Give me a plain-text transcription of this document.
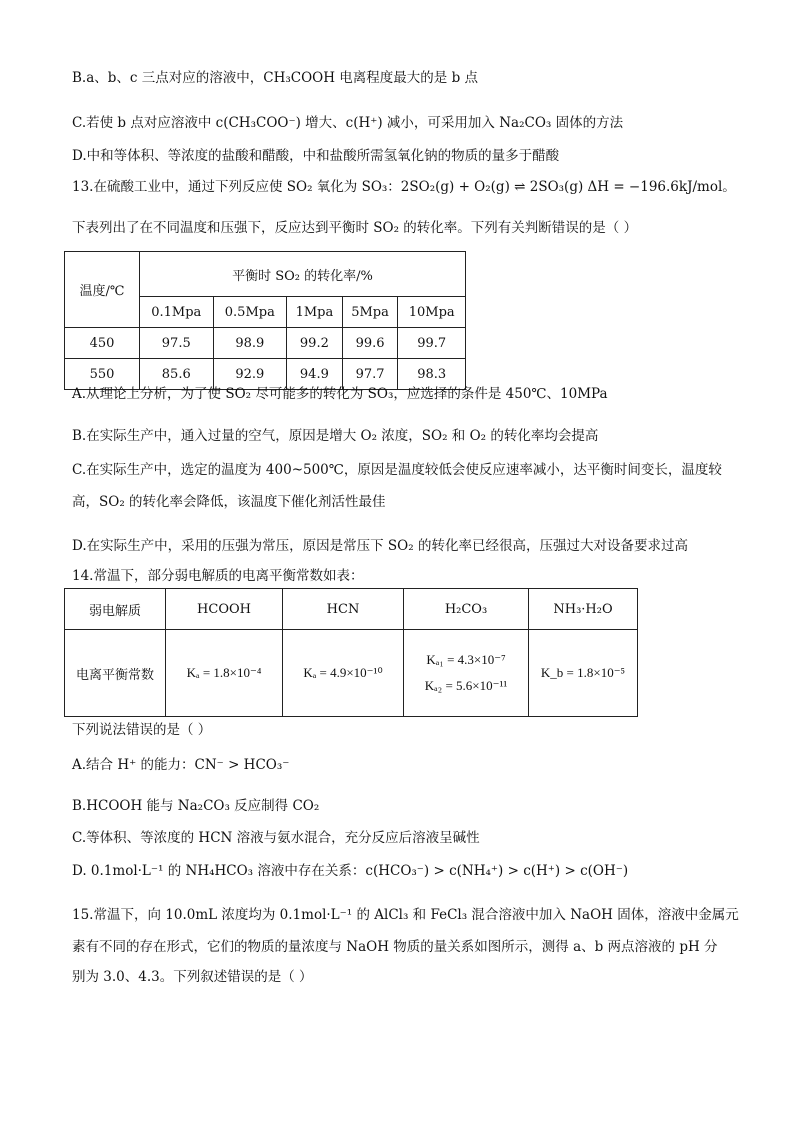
B.a、b、c 三点对应的溶液中，CH₃COOH 电离程度最大的是 b 点
C.若使 b 点对应溶液中 c(CH₃COO⁻) 增大、c(H⁺) 减小，可采用加入 Na₂CO₃ 固体的方法
D.中和等体积、等浓度的盐酸和醋酸，中和盐酸所需氢氧化钠的物质的量多于醋酸
13.在硫酸工业中，通过下列反应使 SO₂ 氧化为 SO₃：2SO₂(g) + O₂(g) ⇌ 2SO₃(g) ΔH = −196.6kJ/mol。
下表列出了在不同温度和压强下，反应达到平衡时 SO₂ 的转化率。下列有关判断错误的是（ ）
温度/℃	平衡时 SO₂ 的转化率/%				
	0.1Mpa	0.5Mpa	1Mpa	5Mpa	10Mpa
450	97.5	98.9	99.2	99.6	99.7
550	85.6	92.9	94.9	97.7	98.3
A.从理论上分析，为了使 SO₂ 尽可能多的转化为 SO₃，应选择的条件是 450℃、10MPa
B.在实际生产中，通入过量的空气，原因是增大 O₂ 浓度，SO₂ 和 O₂ 的转化率均会提高
C.在实际生产中，选定的温度为 400~500℃，原因是温度较低会使反应速率减小，达平衡时间变长，温度较
高，SO₂ 的转化率会降低，该温度下催化剂活性最佳
D.在实际生产中，采用的压强为常压，原因是常压下 SO₂ 的转化率已经很高，压强过大对设备要求过高
14.常温下，部分弱电解质的电离平衡常数如表：
弱电解质	HCOOH	HCN	H₂CO₃	NH₃·H₂O
电离平衡常数	Kₐ = 1.8×10⁻⁴	Kₐ = 4.9×10⁻¹⁰	Kₐ₁ = 4.3×10⁻⁷
Kₐ₂ = 5.6×10⁻¹¹	K_b = 1.8×10⁻⁵
下列说法错误的是（ ）
A.结合 H⁺ 的能力：CN⁻ > HCO₃⁻
B.HCOOH 能与 Na₂CO₃ 反应制得 CO₂
C.等体积、等浓度的 HCN 溶液与氨水混合，充分反应后溶液呈碱性
D. 0.1mol·L⁻¹ 的 NH₄HCO₃ 溶液中存在关系：c(HCO₃⁻) > c(NH₄⁺) > c(H⁺) > c(OH⁻)
15.常温下，向 10.0mL 浓度均为 0.1mol·L⁻¹ 的 AlCl₃ 和 FeCl₃ 混合溶液中加入 NaOH 固体，溶液中金属元
素有不同的存在形式，它们的物质的量浓度与 NaOH 物质的量关系如图所示，测得 a、b 两点溶液的 pH 分
别为 3.0、4.3。下列叙述错误的是（ ）
